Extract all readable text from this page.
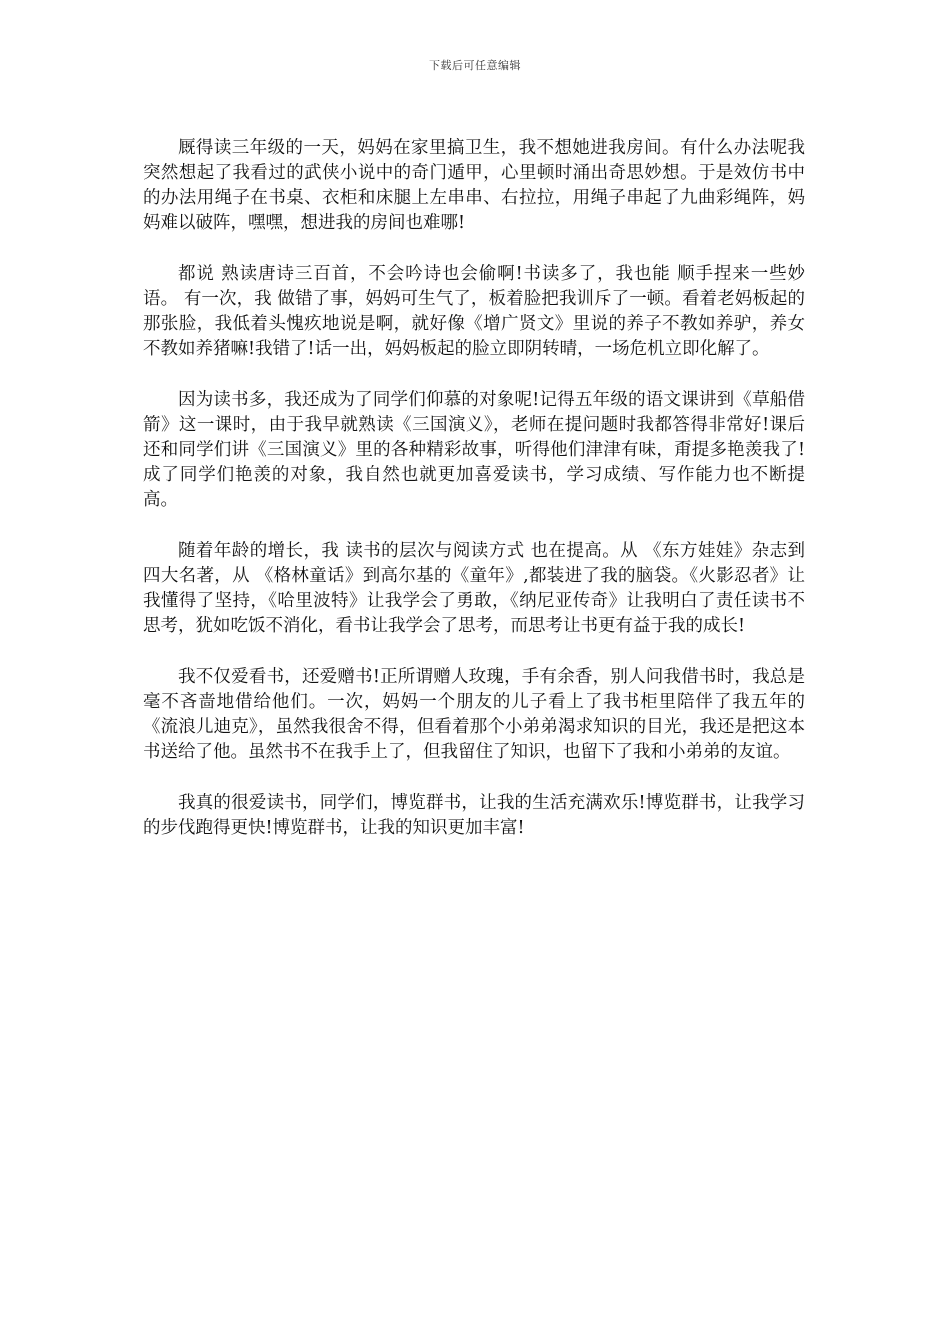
下载后可任意编辑

厩得读三年级的一天，妈妈在家里搞卫生，我不想她进我房间。有什么办法呢我突然想起了我看过的武侠小说中的奇门遁甲，心里顿时涌出奇思妙想。于是效仿书中的办法用绳子在书桌、衣柜和床腿上左串串、右拉拉，用绳子串起了九曲彩绳阵，妈妈难以破阵，嘿嘿，想进我的房间也难哪!

都说 熟读唐诗三百首，不会吟诗也会偷啊!书读多了，我也能 顺手捏来一些妙语。 有一次，我 做错了事，妈妈可生气了，板着脸把我训斥了一顿。看着老妈板起的那张脸，我低着头愧疚地说是啊，就好像《增广贤文》里说的养子不教如养驴，养女不教如养猪嘛!我错了!话一出，妈妈板起的脸立即阴转晴，一场危机立即化解了。

因为读书多，我还成为了同学们仰慕的对象呢!记得五年级的语文课讲到《草船借箭》这一课时，由于我早就熟读《三国演义》，老师在提问题时我都答得非常好!课后还和同学们讲《三国演义》里的各种精彩故事，听得他们津津有味，甭提多艳羡我了!成了同学们艳羡的对象，我自然也就更加喜爱读书，学习成绩、写作能力也不断提高。

随着年龄的增长，我 读书的层次与阅读方式 也在提高。从 《东方娃娃》杂志到四大名著，从 《格林童话》到高尔基的《童年》,都装进了我的脑袋。《火影忍者》让我懂得了坚持，《哈里波特》让我学会了勇敢，《纳尼亚传奇》让我明白了责任读书不思考，犹如吃饭不消化，看书让我学会了思考，而思考让书更有益于我的成长!

我不仅爱看书，还爱赠书!正所谓赠人玫瑰，手有余香，别人问我借书时，我总是毫不吝啬地借给他们。一次，妈妈一个朋友的儿子看上了我书柜里陪伴了我五年的《流浪儿迪克》，虽然我很舍不得，但看着那个小弟弟渴求知识的目光，我还是把这本书送给了他。虽然书不在我手上了，但我留住了知识，也留下了我和小弟弟的友谊。

我真的很爱读书，同学们，博览群书，让我的生活充满欢乐!博览群书，让我学习的步伐跑得更快!博览群书，让我的知识更加丰富!
